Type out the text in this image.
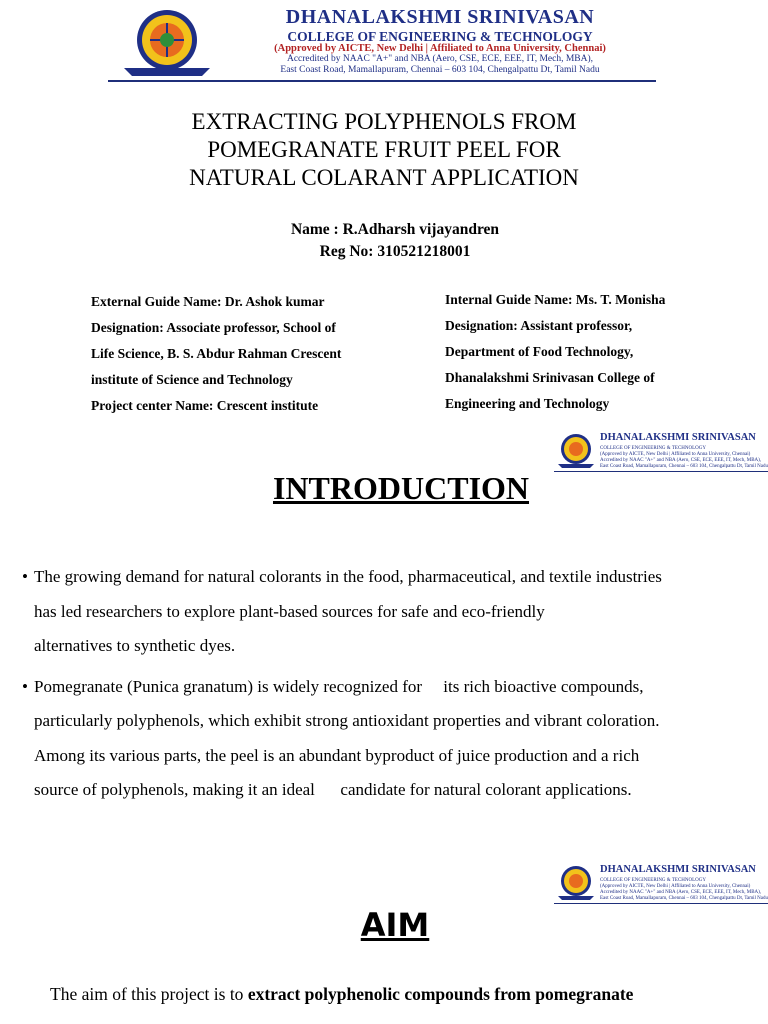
DHANALAKSHMI SRINIVASAN
COLLEGE OF ENGINEERING & TECHNOLOGY
(Approved by AICTE, New Delhi | Affiliated to Anna University, Chennai)
Accredited by NAAC "A+" and NBA (Aero, CSE, ECE, EEE, IT, Mech, MBA),
East Coast Road, Mamallapuram, Chennai – 603 104, Chengalpattu Dt, Tamil Nadu
EXTRACTING POLYPHENOLS FROM
POMEGRANATE FRUIT PEEL FOR
NATURAL COLARANT APPLICATION
Name : R.Adharsh vijayandren
Reg No: 310521218001
External Guide Name: Dr. Ashok kumar
Designation: Associate professor, School of
Life Science, B. S. Abdur Rahman Crescent
institute of Science and Technology
Project center Name: Crescent institute
Internal Guide Name: Ms. T. Monisha
Designation: Assistant professor,
Department of Food Technology,
Dhanalakshmi Srinivasan College of
Engineering and Technology
DHANALAKSHMI SRINIVASAN
COLLEGE OF ENGINEERING & TECHNOLOGY
(Approved by AICTE, New Delhi | Affiliated to Anna University, Chennai)
Accredited by NAAC "A+" and NBA (Aero, CSE, ECE, EEE, IT, Mech, MBA),
East Coast Road, Mamallapuram, Chennai – 603 104, Chengalpattu Dt, Tamil Nadu
INTRODUCTION
• The growing demand for natural colorants in the food, pharmaceutical, and textile industries
has led researchers to explore plant-based sources for safe and eco-friendly
alternatives to synthetic dyes.
• Pomegranate (Punica granatum) is widely recognized for     its rich bioactive compounds,
particularly polyphenols, which exhibit strong antioxidant properties and vibrant coloration.
Among its various parts, the peel is an abundant byproduct of juice production and a rich
source of polyphenols, making it an ideal      candidate for natural colorant applications.
DHANALAKSHMI SRINIVASAN
COLLEGE OF ENGINEERING & TECHNOLOGY
(Approved by AICTE, New Delhi | Affiliated to Anna University, Chennai)
Accredited by NAAC "A+" and NBA (Aero, CSE, ECE, EEE, IT, Mech, MBA),
East Coast Road, Mamallapuram, Chennai – 603 104, Chengalpattu Dt, Tamil Nadu
AIM
The aim of this project is to extract polyphenolic compounds from pomegranate
